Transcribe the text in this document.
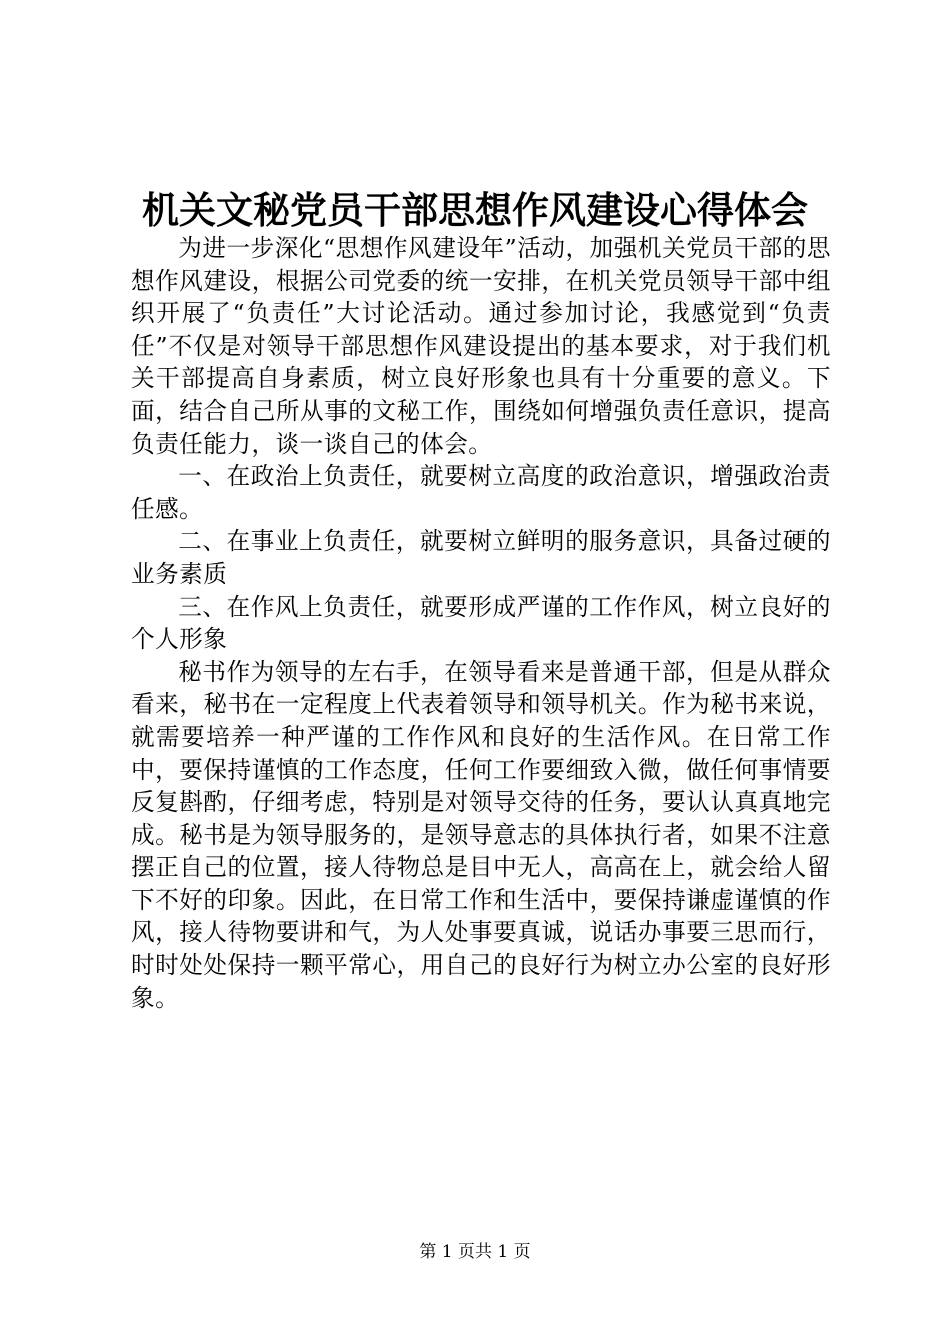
机关文秘党员干部思想作风建设心得体会

为进一步深化“思想作风建设年”活动，加强机关党员干部的思想作风建设，根据公司党委的统一安排，在机关党员领导干部中组织开展了“负责任”大讨论活动。通过参加讨论，我感觉到“负责任”不仅是对领导干部思想作风建设提出的基本要求，对于我们机关干部提高自身素质，树立良好形象也具有十分重要的意义。下面，结合自己所从事的文秘工作，围绕如何增强负责任意识，提高负责任能力，谈一谈自己的体会。

一、在政治上负责任，就要树立高度的政治意识，增强政治责任感。

二、在事业上负责任，就要树立鲜明的服务意识，具备过硬的业务素质

三、在作风上负责任，就要形成严谨的工作作风，树立良好的个人形象

秘书作为领导的左右手，在领导看来是普通干部，但是从群众看来，秘书在一定程度上代表着领导和领导机关。作为秘书来说，就需要培养一种严谨的工作作风和良好的生活作风。在日常工作中，要保持谨慎的工作态度，任何工作要细致入微，做任何事情要反复斟酌，仔细考虑，特别是对领导交待的任务，要认认真真地完成。秘书是为领导服务的，是领导意志的具体执行者，如果不注意摆正自己的位置，接人待物总是目中无人，高高在上，就会给人留下不好的印象。因此，在日常工作和生活中，要保持谦虚谨慎的作风，接人待物要讲和气，为人处事要真诚，说话办事要三思而行，时时处处保持一颗平常心，用自己的良好行为树立办公室的良好形象。

第 1 页共 1 页
